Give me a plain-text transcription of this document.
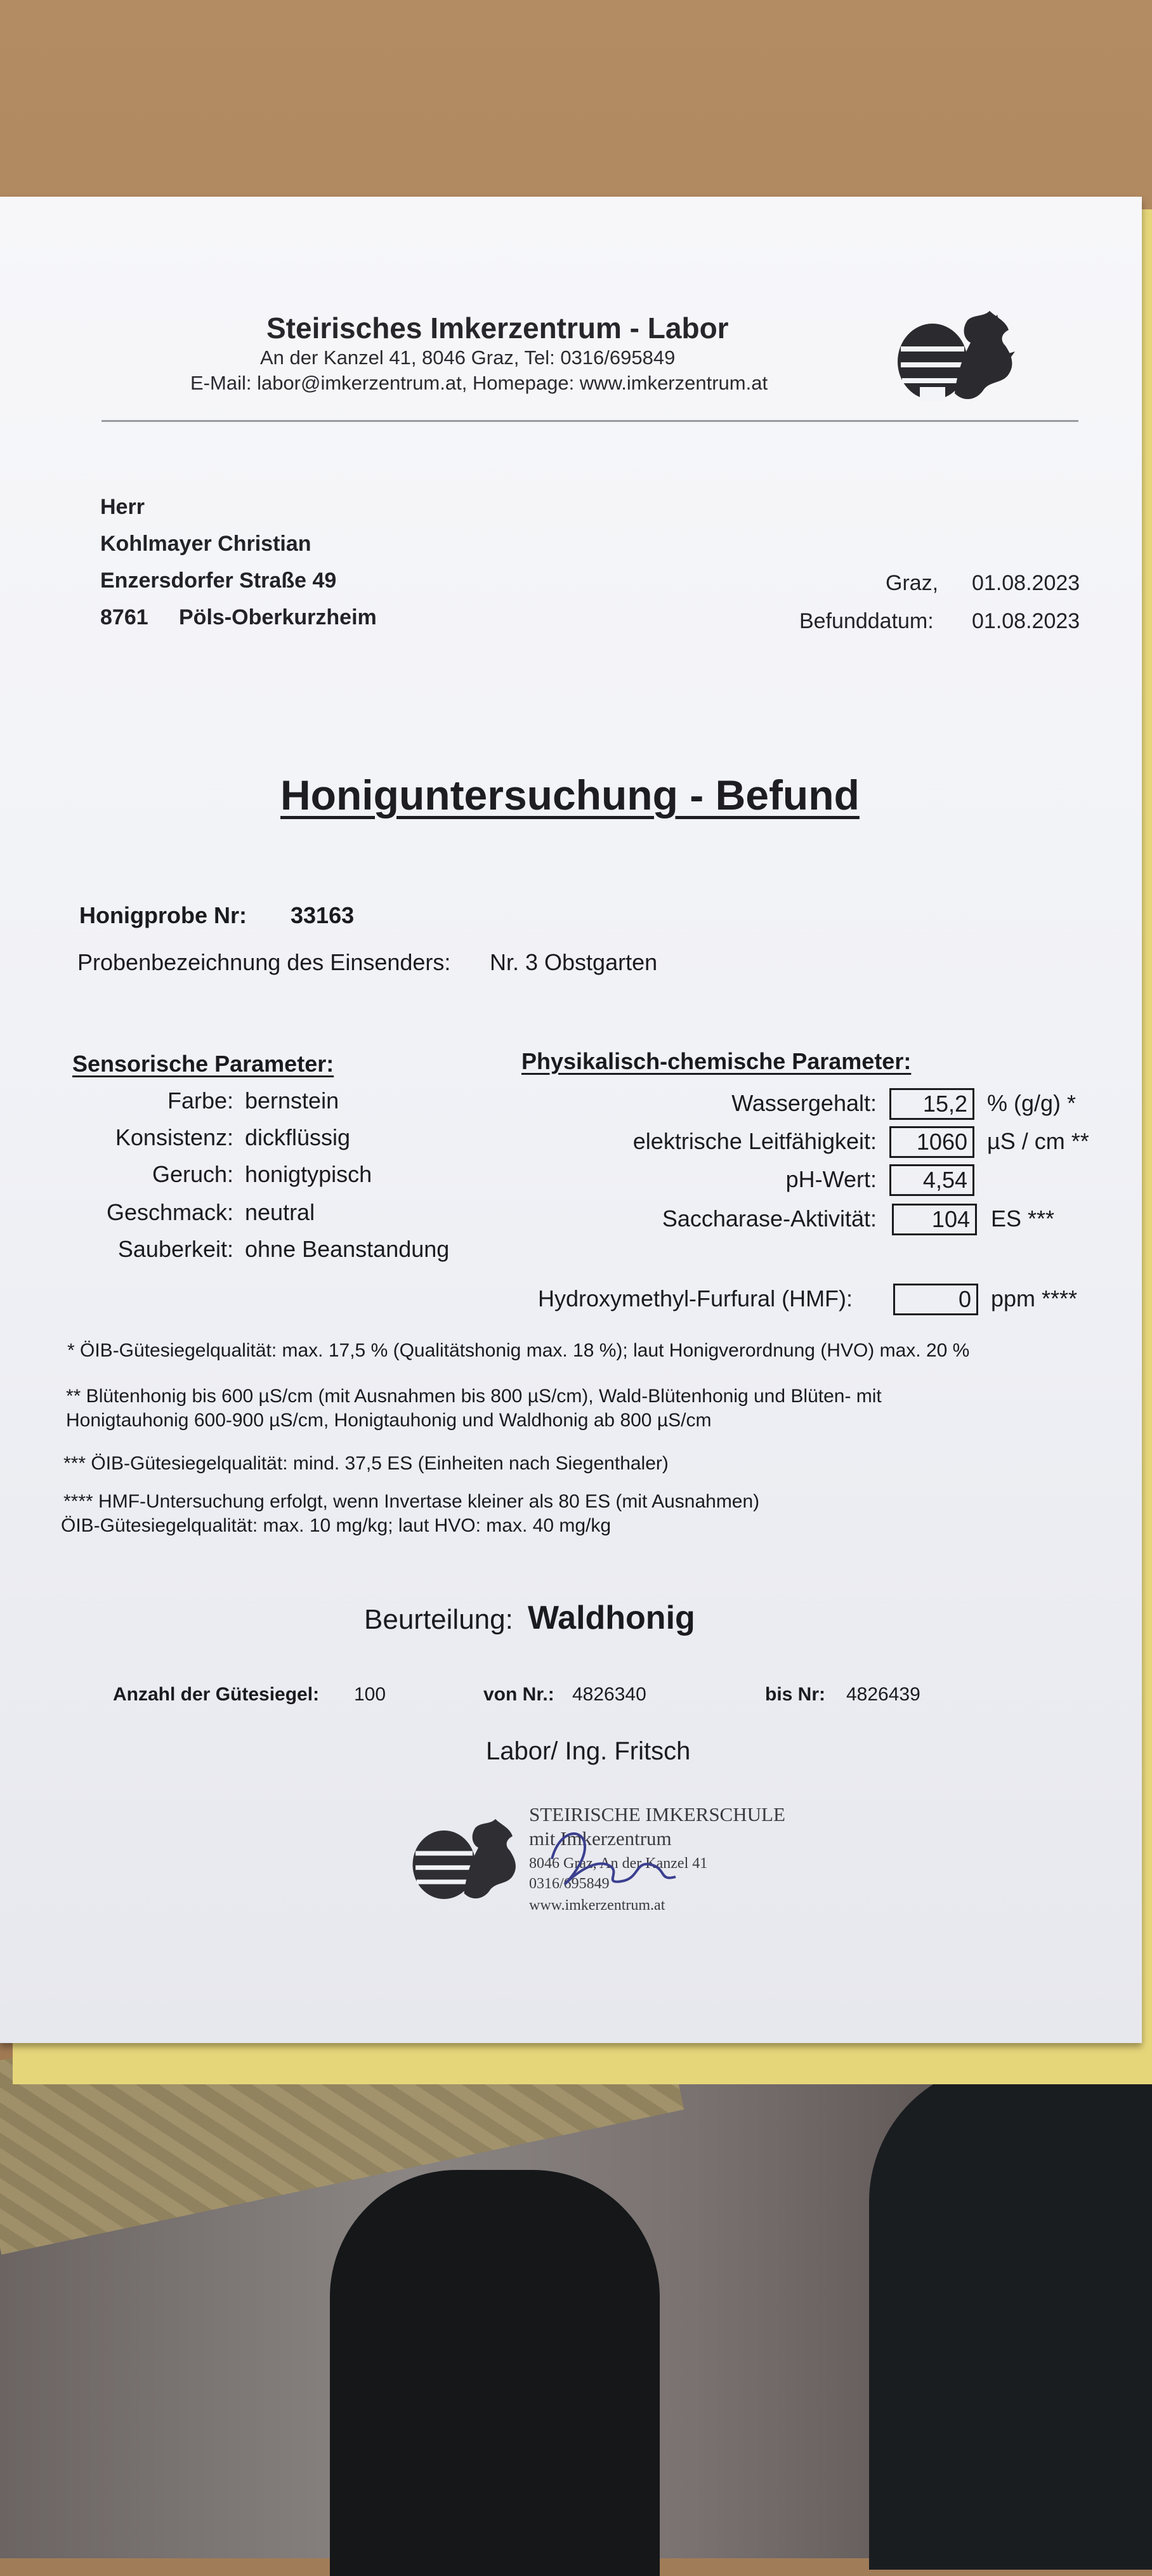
Steirisches Imkerzentrum - Labor
An der Kanzel 41, 8046 Graz, Tel: 0316/695849
E-Mail: labor@imkerzentrum.at, Homepage: www.imkerzentrum.at
Herr
Kohlmayer Christian
Enzersdorfer Straße 49
8761 Pöls-Oberkurzheim
Graz, 01.08.2023
Befunddatum: 01.08.2023
Honiguntersuchung - Befund
Honigprobe Nr: 33163
Probenbezeichnung des Einsenders: Nr. 3 Obstgarten
Sensorische Parameter:	Physikalisch-chemische Parameter:
Farbe: bernstein
Konsistenz: dickflüssig
Geruch: honigtypisch
Geschmack: neutral
Sauberkeit: ohne Beanstandung
Wassergehalt:	15,2 % (g/g) *
elektrische Leitfähigkeit:	1060 µS / cm **
pH-Wert:	4,54
Saccharase-Aktivität:	104 ES ***
Hydroxymethyl-Furfural (HMF):	0 ppm ****
* ÖIB-Gütesiegelqualität: max. 17,5 % (Qualitätshonig max. 18 %); laut Honigverordnung (HVO) max. 20 %
** Blütenhonig bis 600 µS/cm (mit Ausnahmen bis 800 µS/cm), Wald-Blütenhonig und Blüten- mit
Honigtauhonig 600-900 µS/cm, Honigtauhonig und Waldhonig ab 800 µS/cm
*** ÖIB-Gütesiegelqualität: mind. 37,5 ES (Einheiten nach Siegenthaler)
**** HMF-Untersuchung erfolgt, wenn Invertase kleiner als 80 ES (mit Ausnahmen)
ÖIB-Gütesiegelqualität: max. 10 mg/kg; laut HVO: max. 40 mg/kg
Beurteilung: Waldhonig
Anzahl der Gütesiegel: 100	von Nr.: 4826340	bis Nr: 4826439
Labor/ Ing. Fritsch
STEIRISCHE IMKERSCHULE
mit Imkerzentrum
8046 Graz, An der Kanzel 41
0316/695849
www.imkerzentrum.at
